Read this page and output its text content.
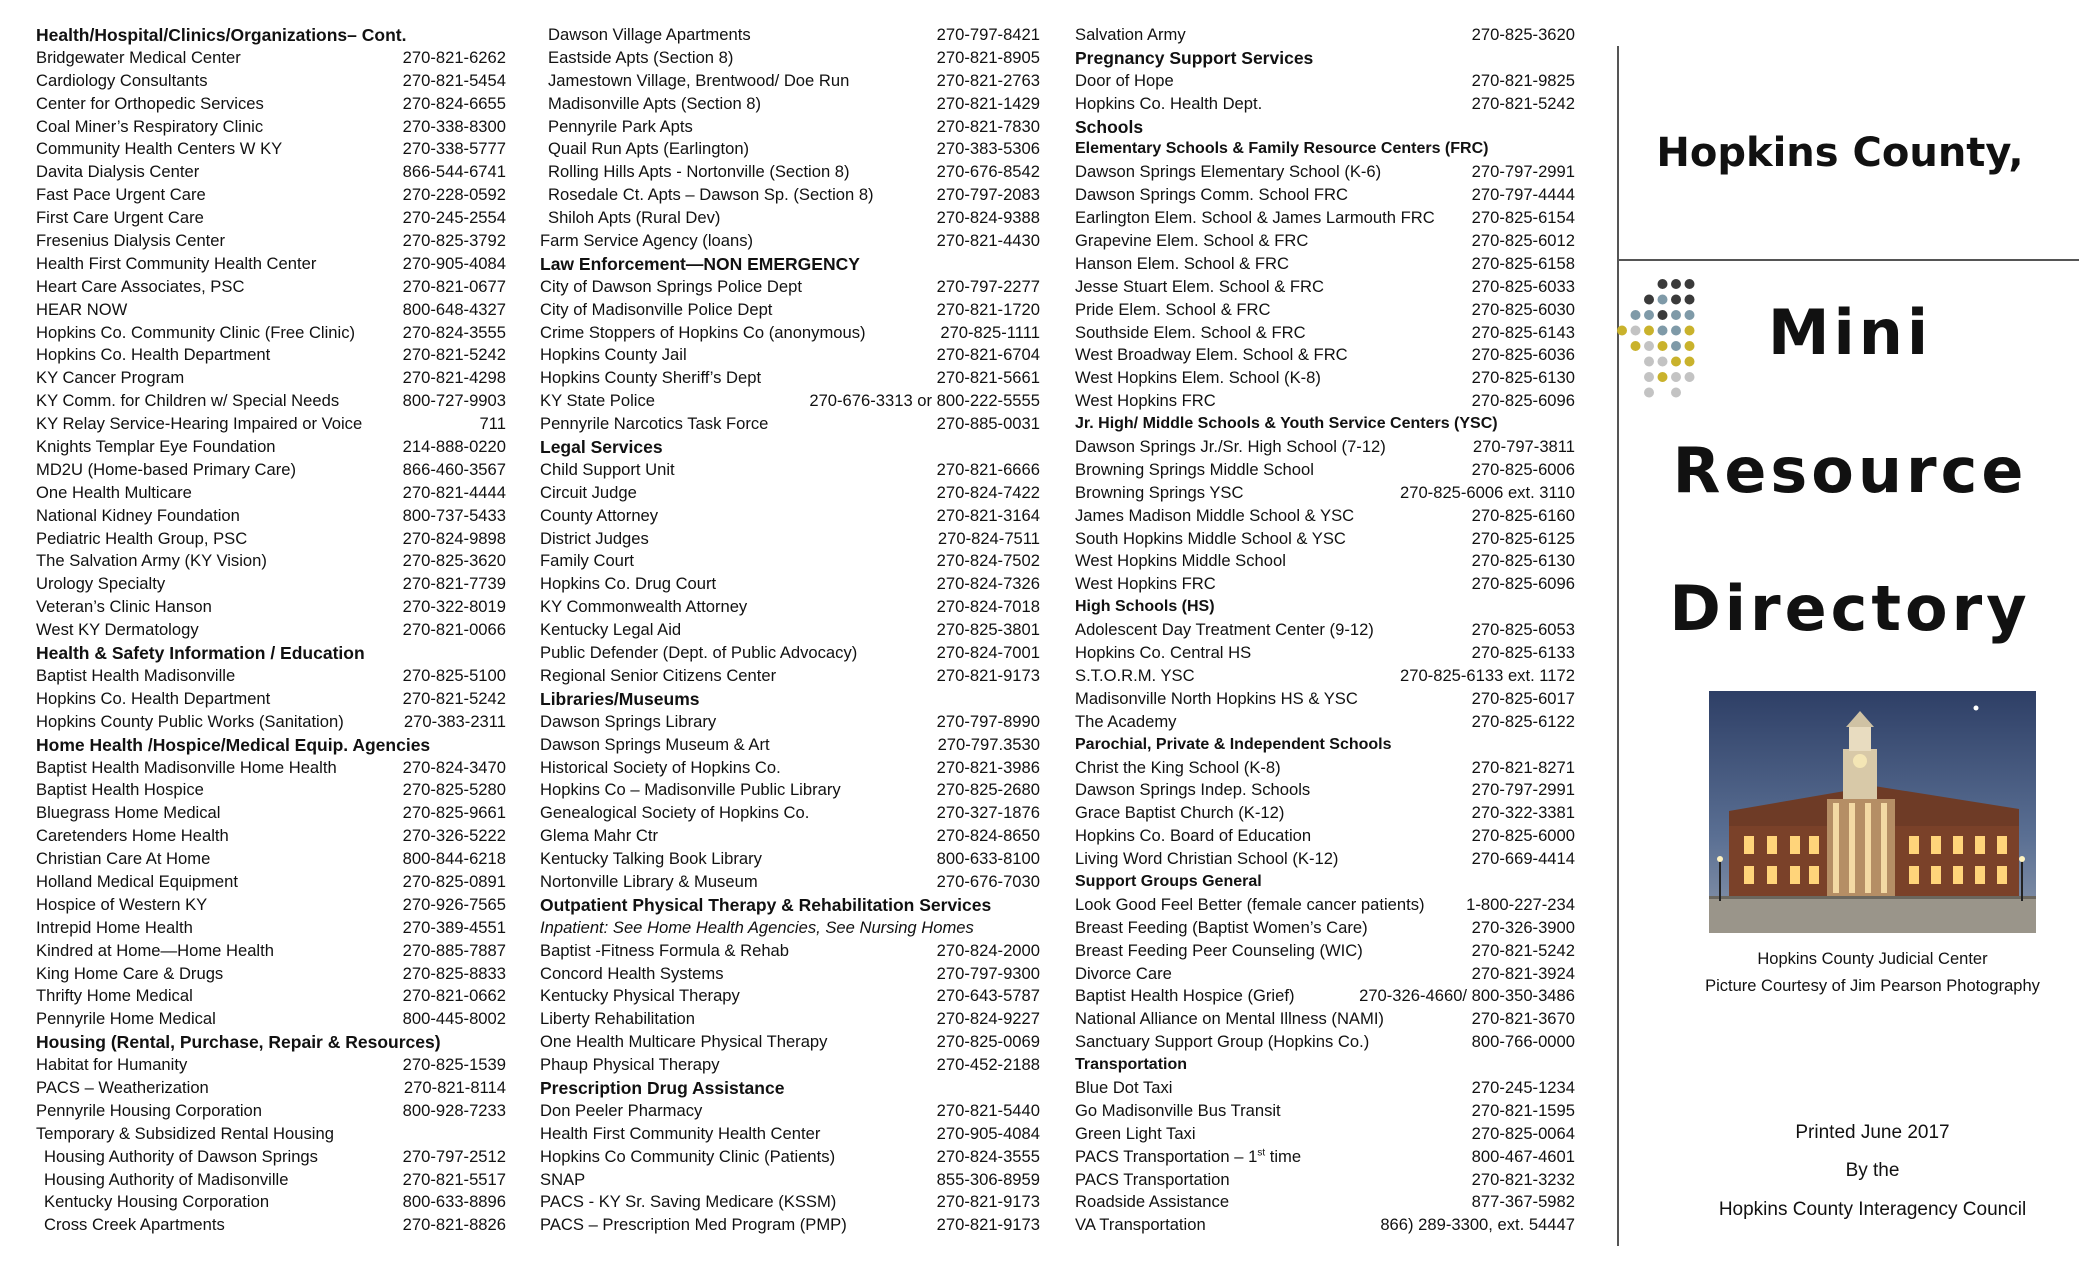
Health/Hospital/Clinics/Organizations– Cont.
Bridgewater Medical Center	270-821-6262
Cardiology Consultants	270-821-5454
Center for Orthopedic Services	270-824-6655
Coal Miner’s Respiratory Clinic	270-338-8300
Community Health Centers W KY	270-338-5777
Davita Dialysis Center	866-544-6741
Fast Pace Urgent Care	270-228-0592
First Care Urgent Care	270-245-2554
Fresenius Dialysis Center	270-825-3792
Health First Community Health Center	270-905-4084
Heart Care Associates, PSC	270-821-0677
HEAR NOW	800-648-4327
Hopkins Co. Community Clinic (Free Clinic)	270-824-3555
Hopkins Co. Health Department	270-821-5242
KY Cancer Program	270-821-4298
KY Comm. for Children w/ Special Needs	800-727-9903
KY Relay Service-Hearing Impaired or Voice	711
Knights Templar Eye Foundation	214-888-0220
MD2U (Home-based Primary Care)	866-460-3567
One Health Multicare	270-821-4444
National Kidney Foundation	800-737-5433
Pediatric Health Group, PSC	270-824-9898
The Salvation Army (KY Vision)	270-825-3620
Urology Specialty	270-821-7739
Veteran’s Clinic Hanson	270-322-8019
West KY Dermatology	270-821-0066
Health & Safety Information / Education
Baptist Health Madisonville	270-825-5100
Hopkins Co. Health Department	270-821-5242
Hopkins County Public Works (Sanitation)	270-383-2311
Home Health /Hospice/Medical Equip. Agencies
Baptist Health Madisonville Home Health	270-824-3470
Baptist Health Hospice	270-825-5280
Bluegrass Home Medical	270-825-9661
Caretenders Home Health	270-326-5222
Christian Care At Home	800-844-6218
Holland Medical Equipment	270-825-0891
Hospice of Western KY	270-926-7565
Intrepid Home Health	270-389-4551
Kindred at Home—Home Health	270-885-7887
King Home Care & Drugs	270-825-8833
Thrifty Home Medical	270-821-0662
Pennyrile Home Medical	800-445-8002
Housing (Rental, Purchase, Repair & Resources)
Habitat for Humanity	270-825-1539
PACS – Weatherization	270-821-8114
Pennyrile Housing Corporation	800-928-7233
Temporary & Subsidized Rental Housing
Housing Authority of Dawson Springs	270-797-2512
Housing Authority of Madisonville	270-821-5517
Kentucky Housing Corporation	800-633-8896
Cross Creek Apartments	270-821-8826
Dawson Village Apartments	270-797-8421
Eastside Apts (Section 8)	270-821-8905
Jamestown Village, Brentwood/ Doe Run	270-821-2763
Madisonville Apts (Section 8)	270-821-1429
Pennyrile Park Apts	270-821-7830
Quail Run Apts (Earlington)	270-383-5306
Rolling Hills Apts - Nortonville (Section 8)	270-676-8542
Rosedale Ct. Apts – Dawson Sp. (Section 8)	270-797-2083
Shiloh Apts (Rural Dev)	270-824-9388
Farm Service Agency (loans)	270-821-4430
Law Enforcement—NON EMERGENCY
City of Dawson Springs Police Dept	270-797-2277
City of Madisonville Police Dept	270-821-1720
Crime Stoppers of Hopkins Co (anonymous)	270-825-1111
Hopkins County Jail	270-821-6704
Hopkins County Sheriff’s Dept	270-821-5661
KY State Police	270-676-3313 or 800-222-5555
Pennyrile Narcotics Task Force	270-885-0031
Legal Services
Child Support Unit	270-821-6666
Circuit Judge	270-824-7422
County Attorney	270-821-3164
District Judges	270-824-7511
Family Court	270-824-7502
Hopkins Co. Drug Court	270-824-7326
KY Commonwealth Attorney	270-824-7018
Kentucky Legal Aid	270-825-3801
Public Defender (Dept. of Public Advocacy)	270-824-7001
Regional Senior Citizens Center	270-821-9173
Libraries/Museums
Dawson Springs Library	270-797-8990
Dawson Springs Museum & Art	270-797.3530
Historical Society of Hopkins Co.	270-821-3986
Hopkins Co – Madisonville Public Library	270-825-2680
Genealogical Society of Hopkins Co.	270-327-1876
Glema Mahr Ctr	270-824-8650
Kentucky Talking Book Library	800-633-8100
Nortonville Library & Museum	270-676-7030
Outpatient Physical Therapy & Rehabilitation Services
Inpatient: See Home Health Agencies, See Nursing Homes
Baptist -Fitness Formula & Rehab	270-824-2000
Concord Health Systems	270-797-9300
Kentucky Physical Therapy	270-643-5787
Liberty Rehabilitation	270-824-9227
One Health Multicare Physical Therapy	270-825-0069
Phaup Physical Therapy	270-452-2188
Prescription Drug Assistance
Don Peeler Pharmacy	270-821-5440
Health First Community Health Center	270-905-4084
Hopkins Co Community Clinic (Patients)	270-824-3555
SNAP	855-306-8959
PACS - KY Sr. Saving Medicare (KSSM)	270-821-9173
PACS – Prescription Med Program (PMP)	270-821-9173
Salvation Army	270-825-3620
Pregnancy Support Services
Door of Hope	270-821-9825
Hopkins Co. Health Dept.	270-821-5242
Schools
Elementary Schools & Family Resource Centers (FRC)
Dawson Springs Elementary School (K-6)	270-797-2991
Dawson Springs Comm. School FRC	270-797-4444
Earlington Elem. School & James Larmouth FRC 270-825-6154
Grapevine Elem. School & FRC	270-825-6012
Hanson Elem. School & FRC	270-825-6158
Jesse Stuart Elem. School & FRC	270-825-6033
Pride Elem. School & FRC	270-825-6030
Southside Elem. School & FRC	270-825-6143
West Broadway Elem. School & FRC	270-825-6036
West Hopkins Elem. School (K-8)	270-825-6130
West Hopkins FRC	270-825-6096
Jr. High/ Middle Schools & Youth Service Centers (YSC)
Dawson Springs Jr./Sr. High School (7-12)	270-797-3811
Browning Springs Middle School	270-825-6006
Browning Springs YSC	270-825-6006 ext. 3110
James Madison Middle School & YSC	270-825-6160
South Hopkins Middle School & YSC	270-825-6125
West Hopkins Middle School	270-825-6130
West Hopkins FRC	270-825-6096
High Schools (HS)
Adolescent Day Treatment Center (9-12)	270-825-6053
Hopkins Co. Central HS	270-825-6133
S.T.O.R.M. YSC	270-825-6133 ext. 1172
Madisonville North Hopkins HS & YSC	270-825-6017
The Academy	270-825-6122
Parochial, Private & Independent Schools
Christ the King School (K-8)	270-821-8271
Dawson Springs Indep. Schools	270-797-2991
Grace Baptist Church (K-12)	270-322-3381
Hopkins Co. Board of Education	270-825-6000
Living Word Christian School (K-12)	270-669-4414
Support Groups General
Look Good Feel Better (female cancer patients)	1-800-227-234
Breast Feeding (Baptist Women’s Care)	270-326-3900
Breast Feeding Peer Counseling (WIC)	270-821-5242
Divorce Care	270-821-3924
Baptist Health Hospice (Grief)	270-326-4660/ 800-350-3486
National Alliance on Mental Illness (NAMI)	270-821-3670
Sanctuary Support Group (Hopkins Co.)	800-766-0000
Transportation
Blue Dot Taxi	270-245-1234
Go Madisonville Bus Transit	270-821-1595
Green Light Taxi	270-825-0064
PACS Transportation – 1st time	800-467-4601
PACS Transportation	270-821-3232
Roadside Assistance	877-367-5982
VA Transportation	866) 289-3300, ext. 54447
Hopkins County,
Mini
Resource
Directory
Hopkins County Judicial Center
Picture Courtesy of Jim Pearson Photography
Printed June 2017
By the
Hopkins County Interagency Council
